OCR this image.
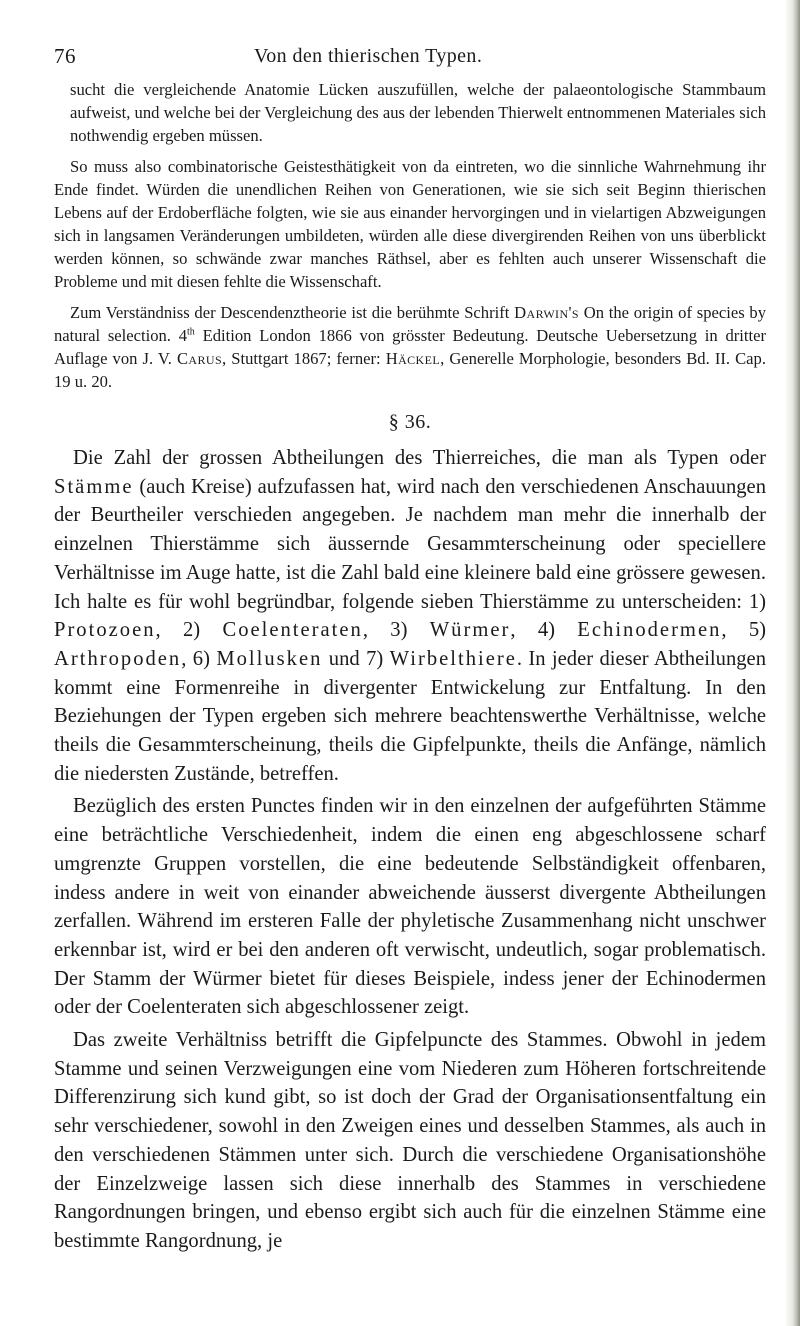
76	Von den thierischen Typen.

sucht die vergleichende Anatomie Lücken auszufüllen, welche der palaeontologische Stammbaum aufweist, und welche bei der Vergleichung des aus der lebenden Thierwelt entnommenen Materiales sich nothwendig ergeben müssen.

So muss also combinatorische Geistesthätigkeit von da eintreten, wo die sinnliche Wahrnehmung ihr Ende findet. Würden die unendlichen Reihen von Generationen, wie sie sich seit Beginn thierischen Lebens auf der Erdoberfläche folgten, wie sie aus einander hervorgingen und in vielartigen Abzweigungen sich in langsamen Veränderungen umbildeten, würden alle diese divergirenden Reihen von uns überblickt werden können, so schwände zwar manches Räthsel, aber es fehlten auch unserer Wissenschaft die Probleme und mit diesen fehlte die Wissenschaft.

Zum Verständniss der Descendenztheorie ist die berühmte Schrift Darwin's On the origin of species by natural selection. 4th Edition London 1866 von grösster Bedeutung. Deutsche Uebersetzung in dritter Auflage von J. V. Carus, Stuttgart 1867; ferner: Häckel, Generelle Morphologie, besonders Bd. II. Cap. 19 u. 20.

§ 36.

Die Zahl der grossen Abtheilungen des Thierreiches, die man als Typen oder Stämme (auch Kreise) aufzufassen hat, wird nach den verschiedenen Anschauungen der Beurtheiler verschieden angegeben. Je nachdem man mehr die innerhalb der einzelnen Thierstämme sich äussernde Gesammterscheinung oder speciellere Verhältnisse im Auge hatte, ist die Zahl bald eine kleinere bald eine grössere gewesen. Ich halte es für wohl begründbar, folgende sieben Thierstämme zu unterscheiden: 1) Protozoen, 2) Coelenteraten, 3) Würmer, 4) Echinodermen, 5) Arthropoden, 6) Mollusken und 7) Wirbelthiere. In jeder dieser Abtheilungen kommt eine Formenreihe in divergenter Entwickelung zur Entfaltung. In den Beziehungen der Typen ergeben sich mehrere beachtenswerthe Verhältnisse, welche theils die Gesammterscheinung, theils die Gipfelpunkte, theils die Anfänge, nämlich die niedersten Zustände, betreffen.

Bezüglich des ersten Punctes finden wir in den einzelnen der aufgeführten Stämme eine beträchtliche Verschiedenheit, indem die einen eng abgeschlossene scharf umgrenzte Gruppen vorstellen, die eine bedeutende Selbständigkeit offenbaren, indess andere in weit von einander abweichende äusserst divergente Abtheilungen zerfallen. Während im ersteren Falle der phyletische Zusammenhang nicht unschwer erkennbar ist, wird er bei den anderen oft verwischt, undeutlich, sogar problematisch. Der Stamm der Würmer bietet für dieses Beispiele, indess jener der Echinodermen oder der Coelenteraten sich abgeschlossener zeigt.

Das zweite Verhältniss betrifft die Gipfelpuncte des Stammes. Obwohl in jedem Stamme und seinen Verzweigungen eine vom Niederen zum Höheren fortschreitende Differenzirung sich kund gibt, so ist doch der Grad der Organisationsentfaltung ein sehr verschiedener, sowohl in den Zweigen eines und desselben Stammes, als auch in den verschiedenen Stämmen unter sich. Durch die verschiedene Organisationshöhe der Einzelzweige lassen sich diese innerhalb des Stammes in verschiedene Rangordnungen bringen, und ebenso ergibt sich auch für die einzelnen Stämme eine bestimmte Rangordnung, je
